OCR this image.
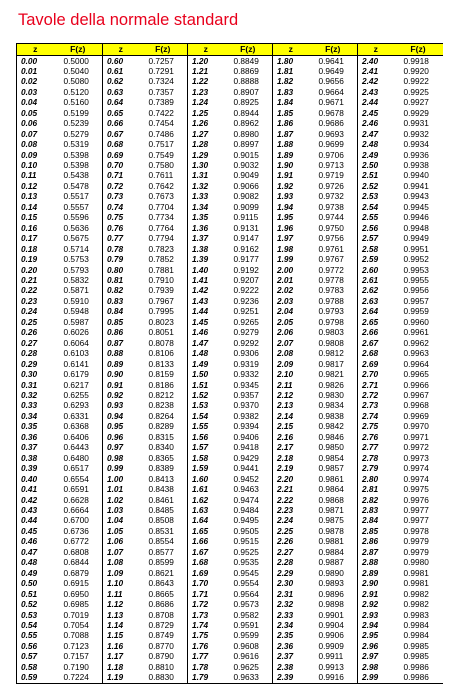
Tavole della normale standard
z	F(z)	z	F(z)	z	F(z)	z	F(z)	z	F(z)
0.00	0.5000	0.60	0.7257	1.20	0.8849	1.80	0.9641	2.40	0.9918
0.01	0.5040	0.61	0.7291	1.21	0.8869	1.81	0.9649	2.41	0.9920
0.02	0.5080	0.62	0.7324	1.22	0.8888	1.82	0.9656	2.42	0.9922
0.03	0.5120	0.63	0.7357	1.23	0.8907	1.83	0.9664	2.43	0.9925
0.04	0.5160	0.64	0.7389	1.24	0.8925	1.84	0.9671	2.44	0.9927
0.05	0.5199	0.65	0.7422	1.25	0.8944	1.85	0.9678	2.45	0.9929
0.06	0.5239	0.66	0.7454	1.26	0.8962	1.86	0.9686	2.46	0.9931
0.07	0.5279	0.67	0.7486	1.27	0.8980	1.87	0.9693	2.47	0.9932
0.08	0.5319	0.68	0.7517	1.28	0.8997	1.88	0.9699	2.48	0.9934
0.09	0.5398	0.69	0.7549	1.29	0.9015	1.89	0.9706	2.49	0.9936
0.10	0.5398	0.70	0.7580	1.30	0.9032	1.90	0.9713	2.50	0.9938
0.11	0.5438	0.71	0.7611	1.31	0.9049	1.91	0.9719	2.51	0.9940
0.12	0.5478	0.72	0.7642	1.32	0.9066	1.92	0.9726	2.52	0.9941
0.13	0.5517	0.73	0.7673	1.33	0.9082	1.93	0.9732	2.53	0.9943
0.14	0.5557	0.74	0.7704	1.34	0.9099	1.94	0.9738	2.54	0.9945
0.15	0.5596	0.75	0.7734	1.35	0.9115	1.95	0.9744	2.55	0.9946
0.16	0.5636	0.76	0.7764	1.36	0.9131	1.96	0.9750	2.56	0.9948
0.17	0.5675	0.77	0.7794	1.37	0.9147	1.97	0.9756	2.57	0.9949
0.18	0.5714	0.78	0.7823	1.38	0.9162	1.98	0.9761	2.58	0.9951
0.19	0.5753	0.79	0.7852	1.39	0.9177	1.99	0.9767	2.59	0.9952
0.20	0.5793	0.80	0.7881	1.40	0.9192	2.00	0.9772	2.60	0.9953
0.21	0.5832	0.81	0.7910	1.41	0.9207	2.01	0.9778	2.61	0.9955
0.22	0.5871	0.82	0.7939	1.42	0.9222	2.02	0.9783	2.62	0.9956
0.23	0.5910	0.83	0.7967	1.43	0.9236	2.03	0.9788	2.63	0.9957
0.24	0.5948	0.84	0.7995	1.44	0.9251	2.04	0.9793	2.64	0.9959
0.25	0.5987	0.85	0.8023	1.45	0.9265	2.05	0.9798	2.65	0.9960
0.26	0.6026	0.86	0.8051	1.46	0.9279	2.06	0.9803	2.66	0.9961
0.27	0.6064	0.87	0.8078	1.47	0.9292	2.07	0.9808	2.67	0.9962
0.28	0.6103	0.88	0.8106	1.48	0.9306	2.08	0.9812	2.68	0.9963
0.29	0.6141	0.89	0.8133	1.49	0.9319	2.09	0.9817	2.69	0.9964
0.30	0.6179	0.90	0.8159	1.50	0.9332	2.10	0.9821	2.70	0.9965
0.31	0.6217	0.91	0.8186	1.51	0.9345	2.11	0.9826	2.71	0.9966
0.32	0.6255	0.92	0.8212	1.52	0.9357	2.12	0.9830	2.72	0.9967
0.33	0.6293	0.93	0.8238	1.53	0.9370	2.13	0.9834	2.73	0.9968
0.34	0.6331	0.94	0.8264	1.54	0.9382	2.14	0.9838	2.74	0.9969
0.35	0.6368	0.95	0.8289	1.55	0.9394	2.15	0.9842	2.75	0.9970
0.36	0.6406	0.96	0.8315	1.56	0.9406	2.16	0.9846	2.76	0.9971
0.37	0.6443	0.97	0.8340	1.57	0.9418	2.17	0.9850	2.77	0.9972
0.38	0.6480	0.98	0.8365	1.58	0.9429	2.18	0.9854	2.78	0.9973
0.39	0.6517	0.99	0.8389	1.59	0.9441	2.19	0.9857	2.79	0.9974
0.40	0.6554	1.00	0.8413	1.60	0.9452	2.20	0.9861	2.80	0.9974
0.41	0.6591	1.01	0.8438	1.61	0.9463	2.21	0.9864	2.81	0.9975
0.42	0.6628	1.02	0.8461	1.62	0.9474	2.22	0.9868	2.82	0.9976
0.43	0.6664	1.03	0.8485	1.63	0.9484	2.23	0.9871	2.83	0.9977
0.44	0.6700	1.04	0.8508	1.64	0.9495	2.24	0.9875	2.84	0.9977
0.45	0.6736	1.05	0.8531	1.65	0.9505	2.25	0.9878	2.85	0.9978
0.46	0.6772	1.06	0.8554	1.66	0.9515	2.26	0.9881	2.86	0.9979
0.47	0.6808	1.07	0.8577	1.67	0.9525	2.27	0.9884	2.87	0.9979
0.48	0.6844	1.08	0.8599	1.68	0.9535	2.28	0.9887	2.88	0.9980
0.49	0.6879	1.09	0.8621	1.69	0.9545	2.29	0.9890	2.89	0.9981
0.50	0.6915	1.10	0.8643	1.70	0.9554	2.30	0.9893	2.90	0.9981
0.51	0.6950	1.11	0.8665	1.71	0.9564	2.31	0.9896	2.91	0.9982
0.52	0.6985	1.12	0.8686	1.72	0.9573	2.32	0.9898	2.92	0.9982
0.53	0.7019	1.13	0.8708	1.73	0.9582	2.33	0.9901	2.93	0.9983
0.54	0.7054	1.14	0.8729	1.74	0.9591	2.34	0.9904	2.94	0.9984
0.55	0.7088	1.15	0.8749	1.75	0.9599	2.35	0.9906	2.95	0.9984
0.56	0.7123	1.16	0.8770	1.76	0.9608	2.36	0.9909	2.96	0.9985
0.57	0.7157	1.17	0.8790	1.77	0.9616	2.37	0.9911	2.97	0.9985
0.58	0.7190	1.18	0.8810	1.78	0.9625	2.38	0.9913	2.98	0.9986
0.59	0.7224	1.19	0.8830	1.79	0.9633	2.39	0.9916	2.99	0.9986
